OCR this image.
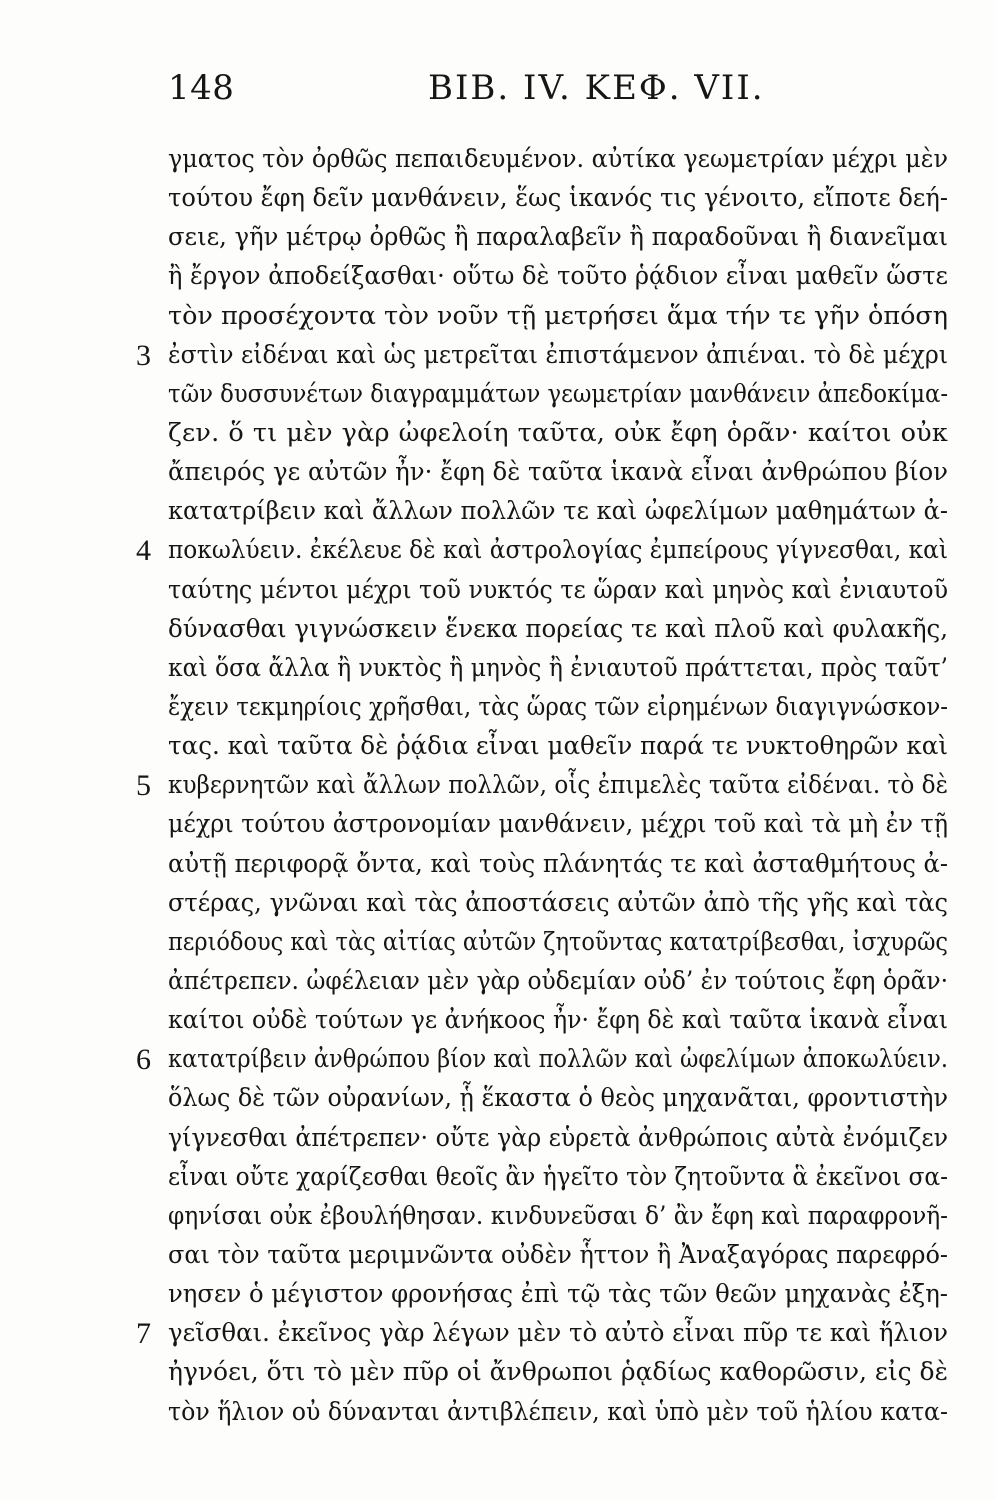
148	ΒΙΒ. ΙV. ΚΕΦ. VΙΙ.
γματος τὸν ὀρθῶς πεπαιδευμένον. αὐτίκα γεωμετρίαν μέχρι μὲν
τούτου ἔφη δεῖν μανθάνειν, ἕως ἱκανός τις γένοιτο, εἴποτε δεή-
σειε, γῆν μέτρῳ ὀρθῶς ἢ παραλαβεῖν ἢ παραδοῦναι ἢ διανεῖμαι
ἢ ἔργον ἀποδείξασθαι· οὕτω δὲ τοῦτο ῥᾴδιον εἶναι μαθεῖν ὥστε
τὸν προσέχοντα τὸν νοῦν τῇ μετρήσει ἅμα τήν τε γῆν ὁπόση
3 ἐστὶν εἰδέναι καὶ ὡς μετρεῖται ἐπιστάμενον ἀπιέναι. τὸ δὲ μέχρι
τῶν δυσσυνέτων διαγραμμάτων γεωμετρίαν μανθάνειν ἀπεδοκίμα-
ζεν. ὅ τι μὲν γὰρ ὠφελοίη ταῦτα, οὐκ ἔφη ὁρᾶν· καίτοι οὐκ
ἄπειρός γε αὐτῶν ἦν· ἔφη δὲ ταῦτα ἱκανὰ εἶναι ἀνθρώπου βίον
κατατρίβειν καὶ ἄλλων πολλῶν τε καὶ ὠφελίμων μαθημάτων ἀ-
4 ποκωλύειν. ἐκέλευε δὲ καὶ ἀστρολογίας ἐμπείρους γίγνεσθαι, καὶ
ταύτης μέντοι μέχρι τοῦ νυκτός τε ὥραν καὶ μηνὸς καὶ ἐνιαυτοῦ
δύνασθαι γιγνώσκειν ἕνεκα πορείας τε καὶ πλοῦ καὶ φυλακῆς,
καὶ ὅσα ἄλλα ἢ νυκτὸς ἢ μηνὸς ἢ ἐνιαυτοῦ πράττεται, πρὸς ταῦτ’
ἔχειν τεκμηρίοις χρῆσθαι, τὰς ὥρας τῶν εἰρημένων διαγιγνώσκον-
τας. καὶ ταῦτα δὲ ῥᾴδια εἶναι μαθεῖν παρά τε νυκτοθηρῶν καὶ
5 κυβερνητῶν καὶ ἄλλων πολλῶν, οἷς ἐπιμελὲς ταῦτα εἰδέναι. τὸ δὲ
μέχρι τούτου ἀστρονομίαν μανθάνειν, μέχρι τοῦ καὶ τὰ μὴ ἐν τῇ
αὐτῇ περιφορᾷ ὄντα, καὶ τοὺς πλάνητάς τε καὶ ἀσταθμήτους ἀ-
στέρας, γνῶναι καὶ τὰς ἀποστάσεις αὐτῶν ἀπὸ τῆς γῆς καὶ τὰς
περιόδους καὶ τὰς αἰτίας αὐτῶν ζητοῦντας κατατρίβεσθαι, ἰσχυρῶς
ἀπέτρεπεν. ὠφέλειαν μὲν γὰρ οὐδεμίαν οὐδ’ ἐν τούτοις ἔφη ὁρᾶν·
καίτοι οὐδὲ τούτων γε ἀνήκοος ἦν· ἔφη δὲ καὶ ταῦτα ἱκανὰ εἶναι
6 κατατρίβειν ἀνθρώπου βίον καὶ πολλῶν καὶ ὠφελίμων ἀποκωλύειν.
ὅλως δὲ τῶν οὐρανίων, ᾗ ἕκαστα ὁ θεὸς μηχανᾶται, φροντιστὴν
γίγνεσθαι ἀπέτρεπεν· οὔτε γὰρ εὑρετὰ ἀνθρώποις αὐτὰ ἐνόμιζεν
εἶναι οὔτε χαρίζεσθαι θεοῖς ἂν ἡγεῖτο τὸν ζητοῦντα ἃ ἐκεῖνοι σα-
φηνίσαι οὐκ ἐβουλήθησαν. κινδυνεῦσαι δ’ ἂν ἔφη καὶ παραφρονῆ-
σαι τὸν ταῦτα μεριμνῶντα οὐδὲν ἧττον ἢ Ἀναξαγόρας παρεφρό-
νησεν ὁ μέγιστον φρονήσας ἐπὶ τῷ τὰς τῶν θεῶν μηχανὰς ἐξη-
7 γεῖσθαι. ἐκεῖνος γὰρ λέγων μὲν τὸ αὐτὸ εἶναι πῦρ τε καὶ ἥλιον
ἠγνόει, ὅτι τὸ μὲν πῦρ οἱ ἄνθρωποι ῥᾳδίως καθορῶσιν, εἰς δὲ
τὸν ἥλιον οὐ δύνανται ἀντιβλέπειν, καὶ ὑπὸ μὲν τοῦ ἡλίου κατα-
